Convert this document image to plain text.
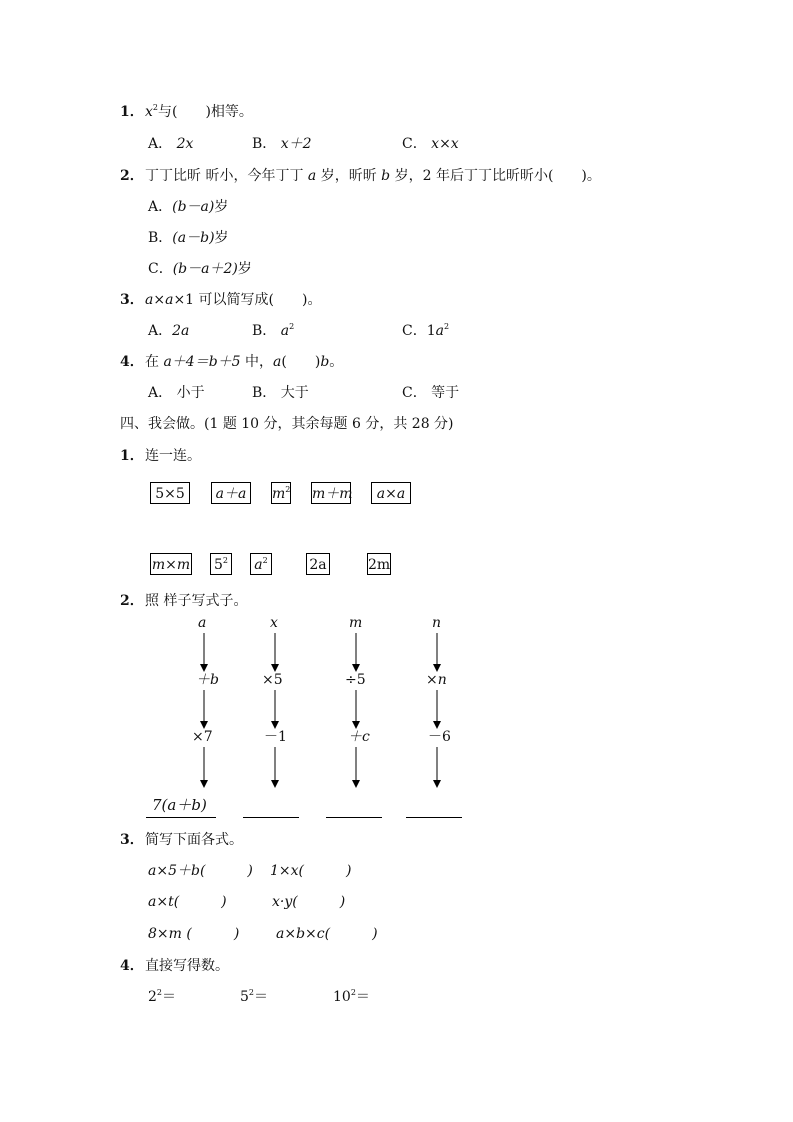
1． $x^2$与(　　)相等。
A． 2x	B． x＋2	C． x×x
2． 丁丁比昕 昕小，今年丁丁 a 岁，昕昕 b 岁，2 年后丁丁比昕昕小(　　)。
A．(b－a)岁
B．(a－b)岁
C．(b－a＋2)岁
3． a×a×1 可以简写成(　　)。
A．2a	B． $a^2$	C．$1a^2$
4． 在 a＋4＝b＋5 中，a(　　)b。
A． 小于	B． 大于	C． 等于
四、我会做。(1 题 10 分，其余每题 6 分，共 28 分)
1． 连一连。
5×5	a＋a	$m^2$ m＋m	a×a
m×m $5^2$	$a^2$	2a	2m
2． 照 样子写式子。
a
＋b
×7
x
×5
－1
m
÷5
＋c
n
×n
－6
7(a＋b)
3． 简写下面各式。
a×5＋b(　　　) 1×x(　　　)
a×t(　　　)	x·y(　　　)
8×m (　　　)	a×b×c(　　　)
4． 直接写得数。
$2^2=$	$5^2=$	$10^2=$
